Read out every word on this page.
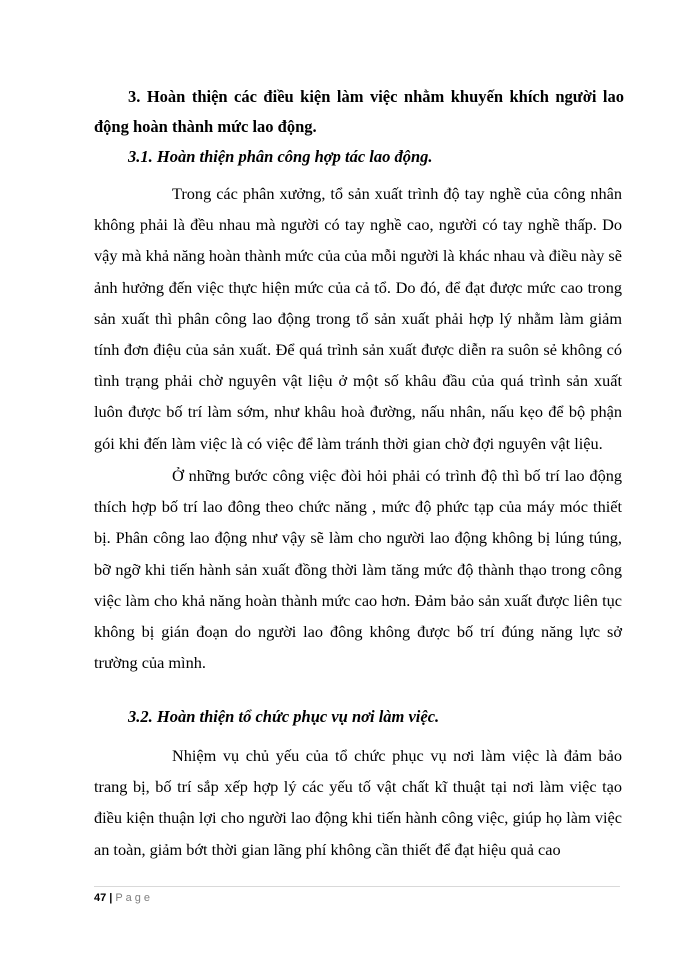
3. Hoàn thiện các điều kiện làm việc nhằm khuyến khích người lao động hoàn thành mức lao động.
3.1. Hoàn thiện phân công hợp tác lao động.

Trong các phân xưởng, tổ sản xuất trình độ tay nghề của công nhân không phải là đều nhau mà người có tay nghề cao, người có tay nghề thấp. Do vậy mà khả năng hoàn thành mức của của mỗi người là khác nhau và điều này sẽ ảnh hưởng đến việc thực hiện mức của cả tổ. Do đó, để đạt được mức cao trong sản xuất thì phân công lao động trong tổ sản xuất phải hợp lý nhằm làm giảm tính đơn điệu của sản xuất. Để quá trình sản xuất được diễn ra suôn sẻ không có tình trạng phải chờ nguyên vật liệu ở một số khâu đầu của quá trình sản xuất luôn được bố trí làm sớm, như khâu hoà đường, nấu nhân, nấu kẹo để bộ phận gói khi đến làm việc là có việc để làm tránh thời gian chờ đợi nguyên vật liệu.

Ở những bước công việc đòi hỏi phải có trình độ thì bố trí lao động thích hợp bố trí lao đông theo chức năng , mức độ phức tạp của máy móc thiết bị. Phân công lao động như vậy sẽ làm cho người lao động không bị lúng túng, bỡ ngỡ khi tiến hành sản xuất đồng thời làm tăng mức độ thành thạo trong công việc làm cho khả năng hoàn thành mức cao hơn. Đảm bảo sản xuất được liên tục không bị gián đoạn do người lao đông không được bố trí đúng năng lực sở trường của mình.

3.2. Hoàn thiện tổ chức phục vụ nơi làm việc.

Nhiệm vụ chủ yếu của tổ chức phục vụ nơi làm việc là đảm bảo trang bị, bố trí sắp xếp hợp lý các yếu tố vật chất kĩ thuật tại nơi làm việc tạo điều kiện thuận lợi cho người lao động khi tiến hành công việc, giúp họ làm việc an toàn, giảm bớt thời gian lãng phí không cần thiết để đạt hiệu quả cao

47 | Page
